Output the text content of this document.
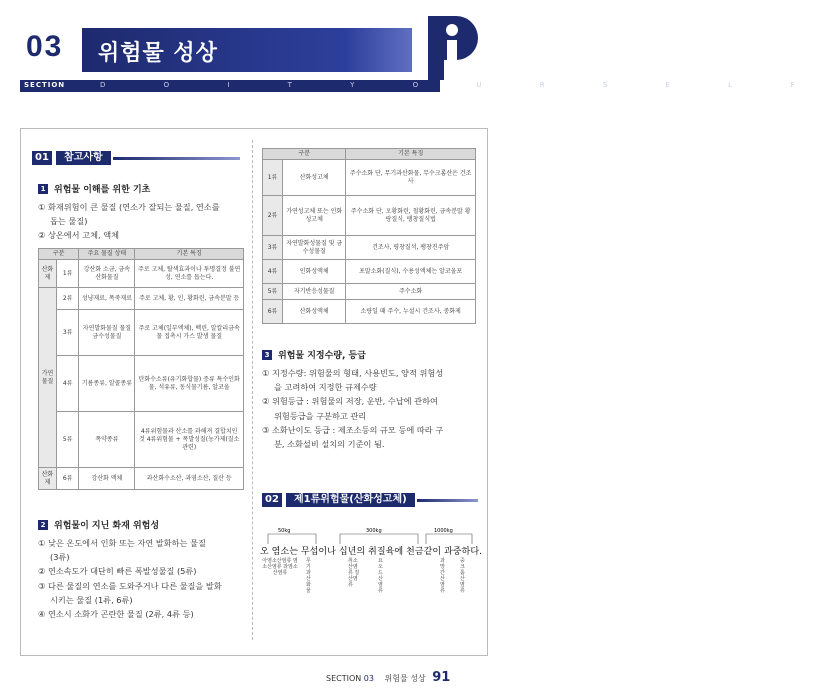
03 위험물 성상
SECTION	D O I T Y O U R S E L F
01	참고사항
1 위험물 이해를 위한 기초
① 화재위험이 큰 물질 (연소가 잘되는 물질, 연소를
돕는 물질)
② 상온에서 고체, 액체
구분		주요 물질 상태	기본 특징
산화제	1류	강산화 소금, 금속산화물질	주로 고체, 탈색효과이나 투명결정 불연성, 연소를 돕는다.
가연물질	2류	성냥재료, 폭죽재료	주로 고체, 황, 인, 황화린, 금속분말 등
	3류	자연발화물질 물질금수성물질	주로 고체(일부액체), 백린, 알칼리금속 물 접촉시 가스 발생 물질
	4류	기름종류, 알콜종류	탄화수소류(유기화합물) 증류 특수인화물, 석유류, 동식물기름, 알코올
	5류	폭약종류	4류위험물과 산소를 과해져 결합치인 것 4류위험물 + 폭발성질(농가제(질소관련)
산화제	6류	강산화 액체	과산화수소산, 과염소산, 질산 등
2 위험물이 지닌 화재 위험성
① 낮은 온도에서 인화 또는 자연 발화하는 물질
(3류)
② 연소속도가 대단히 빠른 폭발성물질 (5류)
③ 다른 물질의 연소를 도와주거나 다른 물질을 발화
시키는 물질 (1류, 6류)
④ 연소시 소화가 곤란한 물질 (2류, 4류 등)
구분		기본 특징
1류	산화성고체	주수소화 단, 무기과산화물, 무수크롬산은 건조사
2류	가연성고체 또는 인화성고체	주수소화 단, 오황화린, 철황화린, 금속분말 황랑질식, 탱창질식법
3류	자연발화성물질 및 금수성물질	건조사, 평창질석, 팽창진주암
4류	인화성액체	포말소화(질식), 수용성액체는 알코올포
5류	자기반응성물질	주수소화
6류	산화성액체	소량일 때 주수, 누설시 건조사, 중화제
3 위험물 지정수량, 등급
① 지정수량: 위험물의 형태, 사용빈도, 양적 위험성
을 고려하여 지정한 규제수량
② 위험등급 : 위험물의 저장, 운반, 수납에 관하여
위험등급을 구분하고 관리
③ 소화난이도 등급 : 제조소등의 규모 등에 따라 구
분, 소화설비 설치의 기준이 됨.
02	제1류위험물(산화성고체)
50kg	300kg	1000kg
오 염소는 무섭이나 십년의 취질육에 천금같이 과중하다.
아염소산염류 염소산염류 과염소산염류
무기과산화물
취소산염류 질산염류
요오드산염류
과망간산염류
중크롬산염류
SECTION 03 위험물 성상 91
